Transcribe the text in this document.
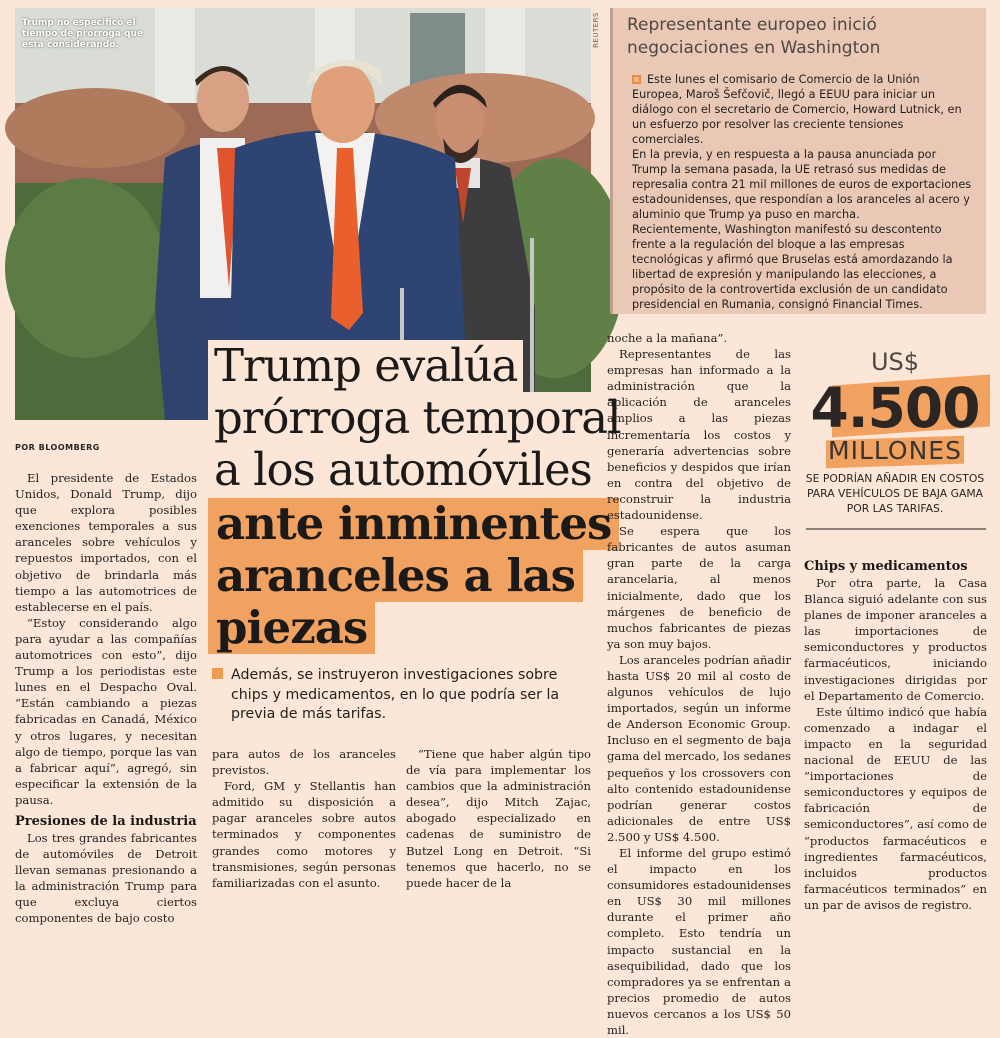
Trump no especificó el tiempo de prórroga que está considerando.	REUTERS Representante europeo inició negociaciones en Washington

Este lunes el comisario de Comercio de la Unión Europea, Maroš Šefčovič, llegó a EEUU para iniciar un diálogo con el secretario de Comercio, Howard Lutnick, en un esfuerzo por resolver las creciente tensiones comerciales.

En la previa, y en respuesta a la pausa anunciada por Trump la semana pasada, la UE retrasó sus medidas de represalia contra 21 mil millones de euros de exportaciones estadounidenses, que respondían a los aranceles al acero y aluminio que Trump ya puso en marcha.

Recientemente, Washington manifestó su descontento frente a la regulación del bloque a las empresas tecnológicas y afirmó que Bruselas está amordazando la libertad de expresión y manipulando las elecciones, a propósito de la controvertida exclusión de un candidato presidencial en Rumania, consignó Financial Times.

Trump evalúa
prórroga temporal
a los automóviles
ante inminentes
aranceles a las
piezas
POR BLOOMBERG
Además, se instruyeron investigaciones sobre chips y medicamentos, en lo que podría ser la previa de más tarifas.

El presidente de Estados Unidos, Donald Trump, dijo que explora posibles exenciones temporales a sus aranceles sobre vehículos y repuestos importados, con el objetivo de brindarla más tiempo a las automotrices de establecerse en el país.

“Estoy considerando algo para ayudar a las compañías automotrices con esto”, dijo Trump a los periodistas este lunes en el Despacho Oval. “Están cambiando a piezas fabricadas en Canadá, México y otros lugares, y necesitan algo de tiempo, porque las van a fabricar aquí”, agregó, sin especificar la extensión de la pausa.

Presiones de la industria

Los tres grandes fabricantes de automóviles de Detroit llevan semanas presionando a la administración Trump para que excluya ciertos componentes de bajo costo

para autos de los aranceles previstos.

Ford, GM y Stellantis han admitido su disposición a pagar aranceles sobre autos terminados y componentes grandes como motores y transmisiones, según personas familiarizadas con el asunto.

“Tiene que haber algún tipo de vía para implementar los cambios que la administración desea”, dijo Mitch Zajac, abogado especializado en cadenas de suministro de Butzel Long en Detroit. “Si tenemos que hacerlo, no se puede hacer de la

noche a la mañana”.

Representantes de las empresas han informado a la administración que la aplicación de aranceles amplios a las piezas incrementaría los costos y generaría advertencias sobre beneficios y despidos que irían en contra del objetivo de reconstruir la industria estadounidense.

Se espera que los fabricantes de autos asuman gran parte de la carga arancelaria, al menos inicialmente, dado que los márgenes de beneficio de muchos fabricantes de piezas ya son muy bajos.

Los aranceles podrían añadir hasta US$ 20 mil al costo de algunos vehículos de lujo importados, según un informe de Anderson Economic Group. Incluso en el segmento de baja gama del mercado, los sedanes pequeños y los crossovers con alto contenido estadounidense podrían generar costos adicionales de entre US$ 2.500 y US$ 4.500.

El informe del grupo estimó el impacto en los consumidores estadounidenses en US$ 30 mil millones durante el primer año completo. Esto tendría un impacto sustancial en la asequibilidad, dado que los compradores ya se enfrentan a precios promedio de autos nuevos cercanos a los US$ 50 mil.

US$
4.500
MILLONES
SE PODRÍAN AÑADIR EN COSTOS PARA VEHÍCULOS DE BAJA GAMA POR LAS TARIFAS.
Chips y medicamentos

Por otra parte, la Casa Blanca siguió adelante con sus planes de imponer aranceles a las importaciones de semiconductores y productos farmacéuticos, iniciando investigaciones dirigidas por el Departamento de Comercio.

Este último indicó que había comenzado a indagar el impacto en la seguridad nacional de EEUU de las “importaciones de semiconductores y equipos de fabricación de semiconductores”, así como de “productos farmacéuticos e ingredientes farmacéuticos, incluidos productos farmacéuticos terminados” en un par de avisos de registro.
